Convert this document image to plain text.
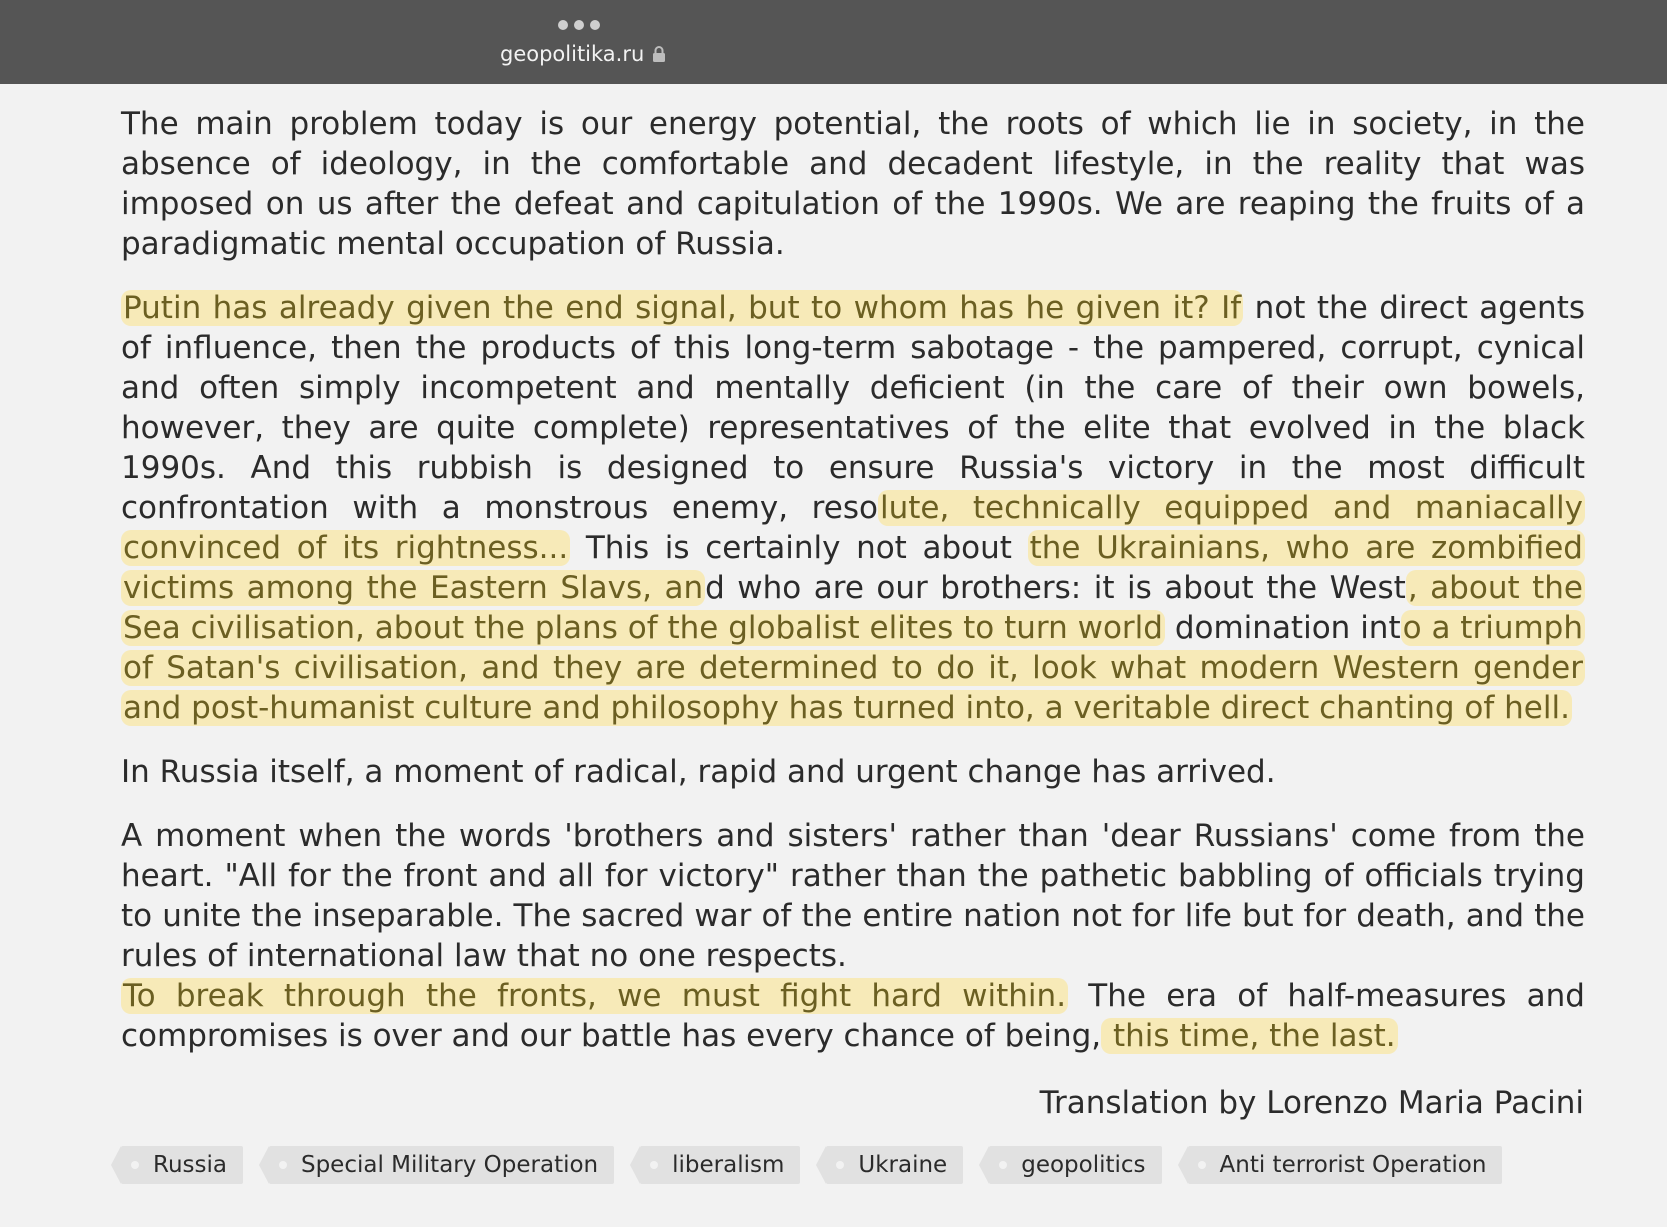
geopolitika.ru

The main problem today is our energy potential, the roots of which lie in society, in the absence of ideology, in the comfortable and decadent lifestyle, in the reality that was imposed on us after the defeat and capitulation of the 1990s. We are reaping the fruits of a paradigmatic mental occupation of Russia.

Putin has already given the end signal, but to whom has he given it? If not the direct agents of influence, then the products of this long-term sabotage - the pampered, corrupt, cynical and often simply incompetent and mentally deficient (in the care of their own bowels, however, they are quite complete) representatives of the elite that evolved in the black 1990s. And this rubbish is designed to ensure Russia's victory in the most difficult confrontation with a monstrous enemy, resolute, technically equipped and maniacally convinced of its rightness... This is certainly not about the Ukrainians, who are zombified victims among the Eastern Slavs, and who are our brothers: it is about the West, about the Sea civilisation, about the plans of the globalist elites to turn world domination into a triumph of Satan's civilisation, and they are determined to do it, look what modern Western gender and post-humanist culture and philosophy has turned into, a veritable direct chanting of hell.

In Russia itself, a moment of radical, rapid and urgent change has arrived.

A moment when the words 'brothers and sisters' rather than 'dear Russians' come from the heart. "All for the front and all for victory" rather than the pathetic babbling of officials trying to unite the inseparable. The sacred war of the entire nation not for life but for death, and the rules of international law that no one respects.

To break through the fronts, we must fight hard within. The era of half-measures and compromises is over and our battle has every chance of being, this time, the last.

Translation by Lorenzo Maria Pacini
Russia	Special Military Operation	liberalism	Ukraine	geopolitics	Anti terrorist Operation
